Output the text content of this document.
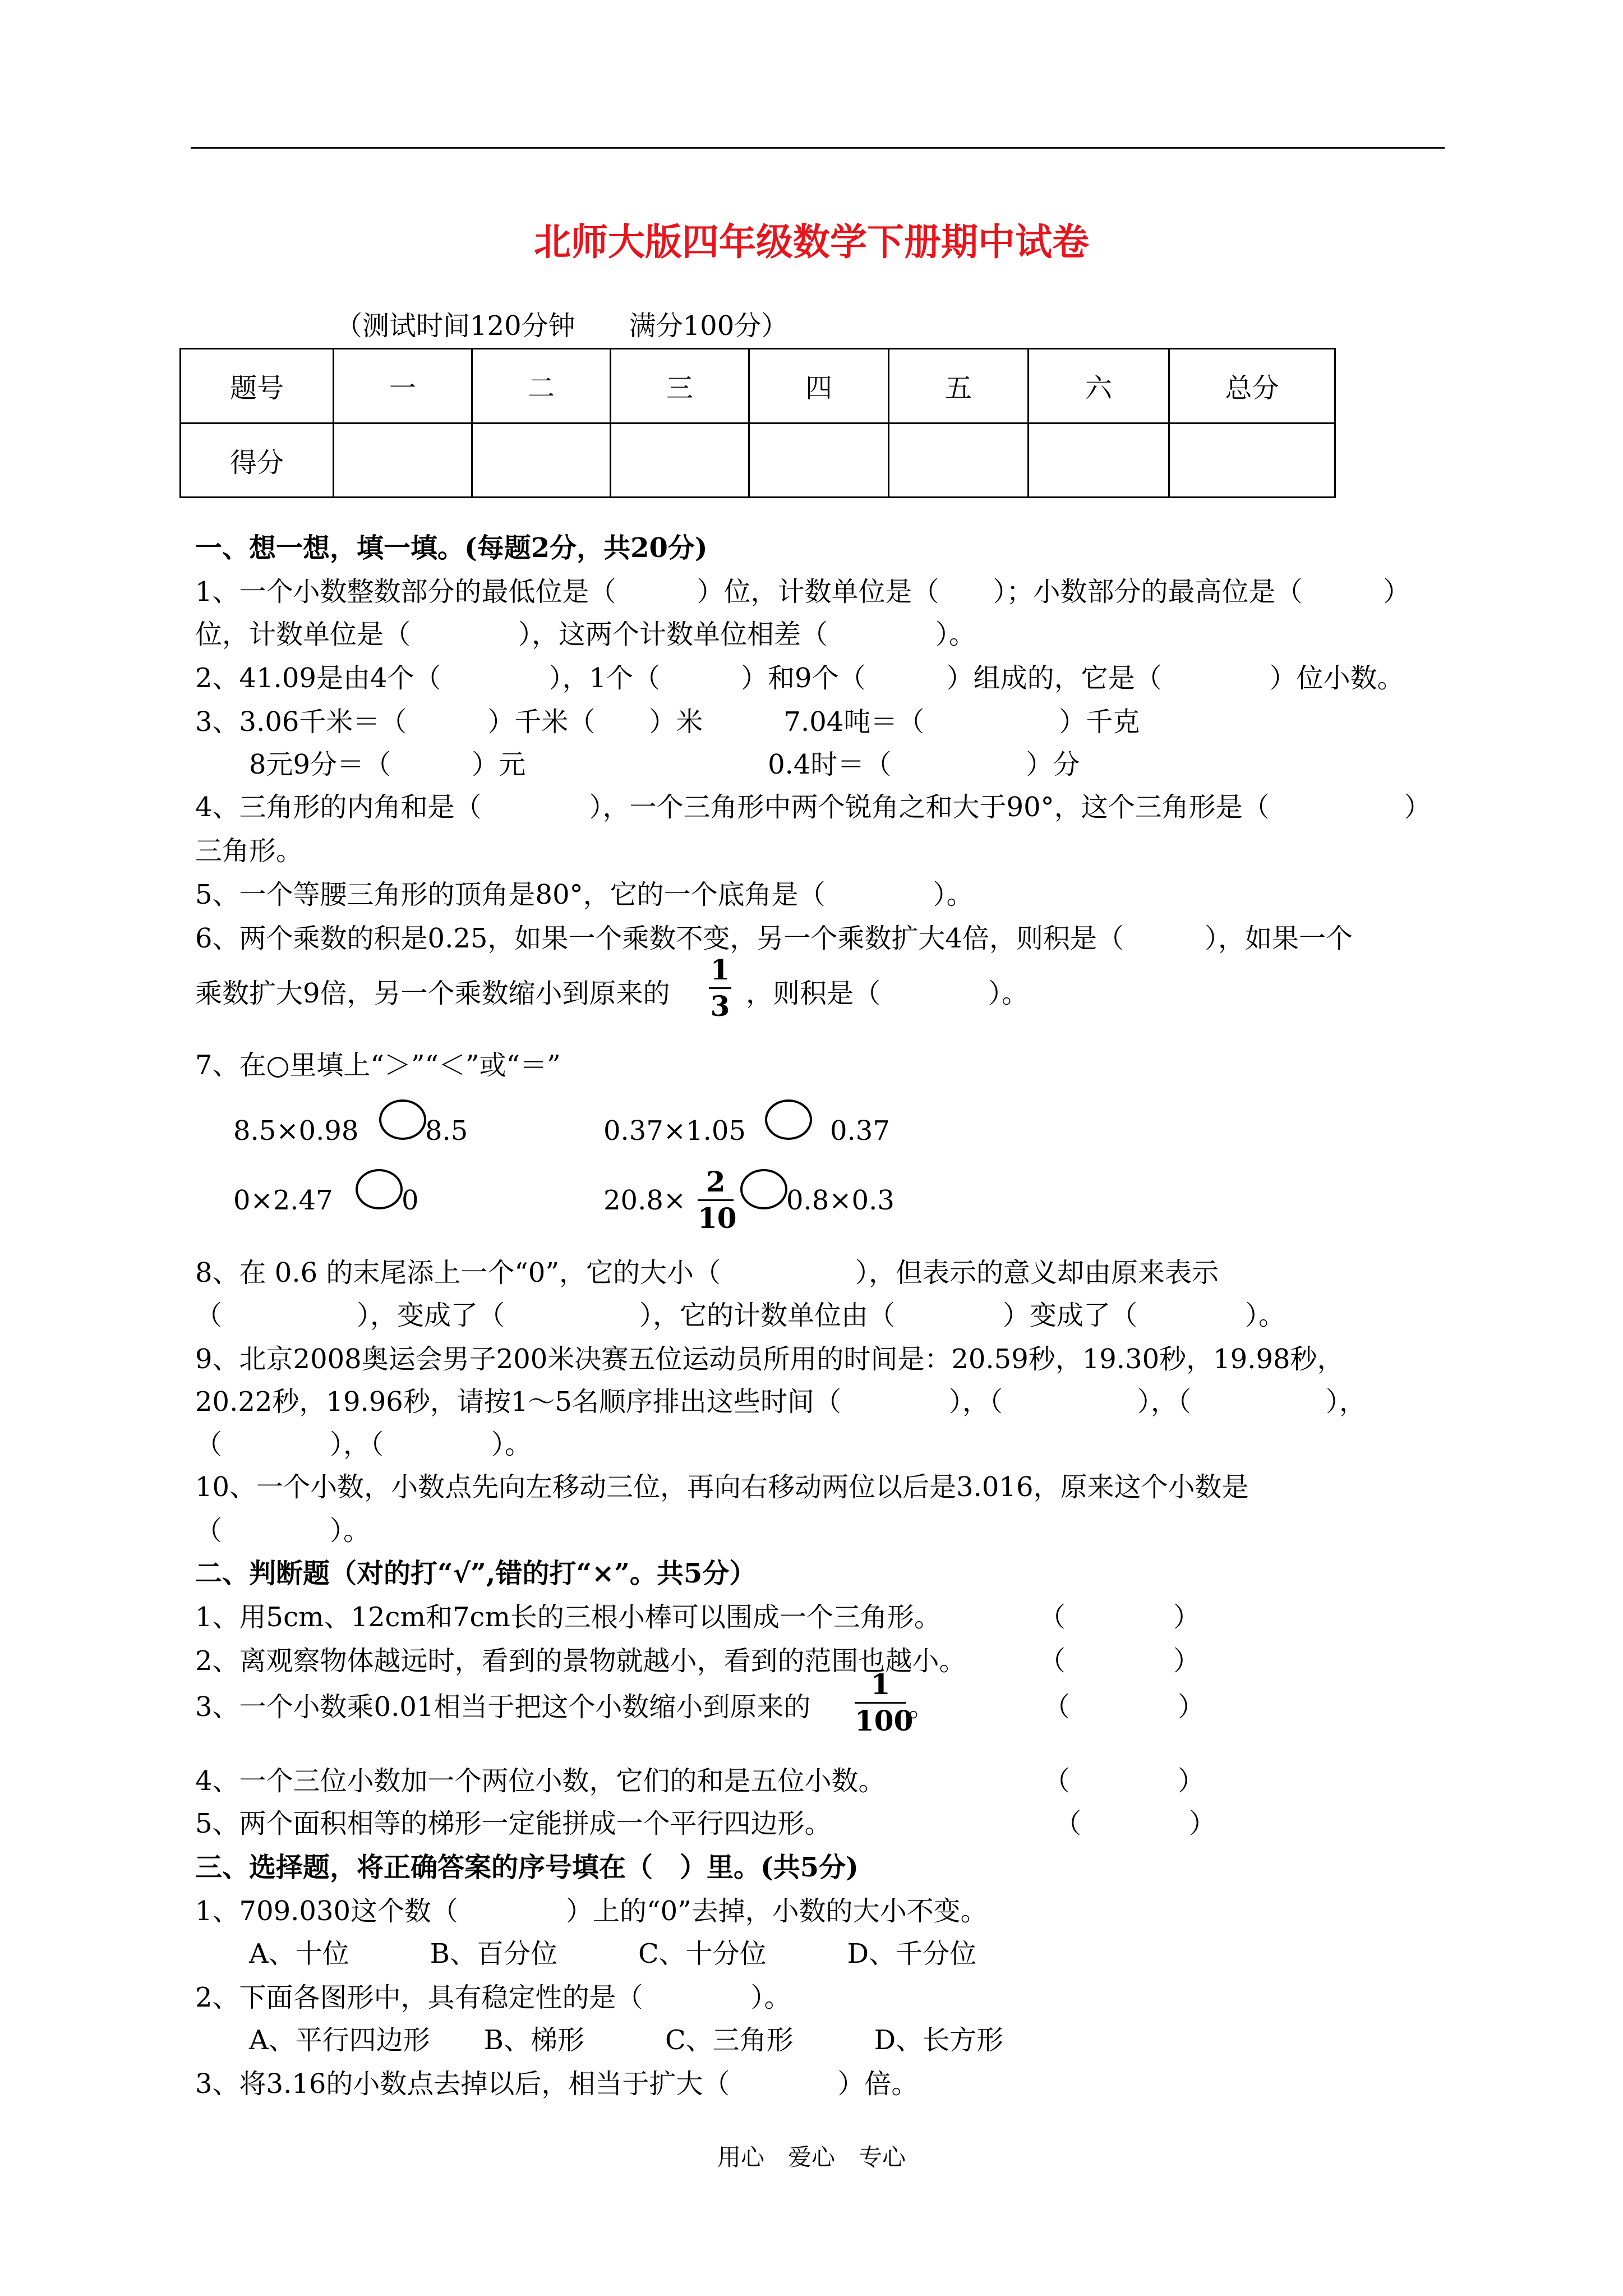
北师大版四年级数学下册期中试卷
（测试时间120分钟　　满分100分）
题号	一	二	三	四	五	六	总分
得分							
一、想一想，填一填。(每题2分，共20分)
1、一个小数整数部分的最低位是（　　　）位，计数单位是（　　）；小数部分的最高位是（　　　）
位，计数单位是（　　　　），这两个计数单位相差（　　　　）。
2、41.09是由4个（　　　　），1个（　　　）和9个（　　　）组成的，它是（　　　　）位小数。
3、3.06千米＝（　　　）千米（　　）米　　　7.04吨＝（　　　　　）千克
　　8元9分＝（　　　）元　　　　　　　　　0.4时＝（　　　　　）分
4、三角形的内角和是（　　　　），一个三角形中两个锐角之和大于90°，这个三角形是（　　　　　）
三角形。
5、一个等腰三角形的顶角是80°，它的一个底角是（　　　　）。
6、两个乘数的积是0.25，如果一个乘数不变，另一个乘数扩大4倍，则积是（　　　），如果一个
乘数扩大9倍，另一个乘数缩小到原来的
1
3 ，则积是（　　　　）。
7、在○里填上“＞”“＜”或“＝”
8.5×0.98 8.5	0.37×1.05	0.37
0×2.47	0	20.8×
2
10
0.8×0.3
8、在 0.6 的末尾添上一个“0”，它的大小（　　　　　），但表示的意义却由原来表示
（　　　　　），变成了（　　　　　），它的计数单位由（　　　　）变成了（　　　　）。
9、北京2008奥运会男子200米决赛五位运动员所用的时间是：20.59秒，19.30秒，19.98秒，
20.22秒，19.96秒，请按1～5名顺序排出这些时间（　　　　），（　　　　　），（　　　　　），
（　　　　），（　　　　）。
10、一个小数，小数点先向左移动三位，再向右移动两位以后是3.016，原来这个小数是
（　　　　）。
二、判断题（对的打“√”,错的打“×”。共5分）
1、用5cm、12cm和7cm长的三根小棒可以围成一个三角形。	（　　　　）
2、离观察物体越远时，看到的景物就越小，看到的范围也越小。	（　　　　）
3、一个小数乘0.01相当于把这个小数缩小到原来的
1
100
。	（　　　　）
4、一个三位小数加一个两位小数，它们的和是五位小数。	（　　　　）
5、两个面积相等的梯形一定能拼成一个平行四边形。	（　　　　）
三、选择题，将正确答案的序号填在（　）里。(共5分)
1、709.030这个数（　　　　）上的“0”去掉，小数的大小不变。
　　A、十位　　　B、百分位　　　C、十分位　　　D、千分位
2、下面各图形中，具有稳定性的是（　　　　）。
　　A、平行四边形　　B、梯形　　　C、三角形　　　D、长方形
3、将3.16的小数点去掉以后，相当于扩大（　　　　）倍。
用心　爱心　专心
